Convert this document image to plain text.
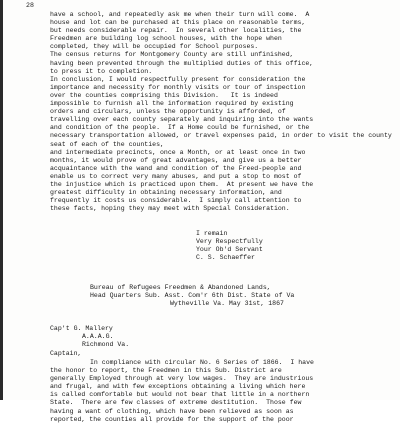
28
have a school, and repeatedly ask me when their turn will come.  A
house and lot can be purchased at this place on reasonable terms,
but needs considerable repair.  In several other localities, the
Freedmen are building log school houses, with the hope when
completed, they will be occupied for School purposes.
The census returns for Montgomery County are still unfinished,
having been prevented through the multiplied duties of this office,
to press it to completion.
In conclusion, I would respectfully present for consideration the
importance and necessity for monthly visits or tour of inspection
over the counties comprising this Division.   It is indeed
impossible to furnish all the information required by existing
orders and circulars, unless the opportunity is afforded, of
travelling over each county separately and inquiring into the wants
and condition of the people.  If a Home could be furnished, or the
necessary transportation allowed, or travel expenses paid, in order to visit the county seat of each of the counties,
and intermediate precincts, once a Month, or at least once in two
months, it would prove of great advantages, and give us a better
acquaintance with the wand and condition of the Freed-people and
enable us to correct very many abuses, and put a stop to most of
the injustice which is practiced upon them.  At present we have the
greatest difficulty in obtaining necessary information, and
frequently it costs us considerable.  I simply call attention to
these facts, hoping they may meet with Special Consideration.
I remain
Very Respectfully
Your Ob'd Servant
C. S. Schaeffer
Bureau of Refugees Freedmen & Abandoned Lands,
Head Quarters Sub. Asst. Com'r 6th Dist. State of Va
Wytheville Va. May 31st, 1867
Cap't G. Mallery
A.A.A.G.
Richmond Va.
Captain,
In compliance with circular No. 6 Series of 1866.  I have
the honor to report, the Freedmen in this Sub. District are
generally Employed through at very low wages.  They are industrious
and frugal, and with few exceptions obtaining a living which here
is called comfortable but would not bear that little in a northern
State.  There are few classes of extreme destitution.  Those few
having a want of clothing, which have been relieved as soon as
reported, the counties all provide for the support of the poor
